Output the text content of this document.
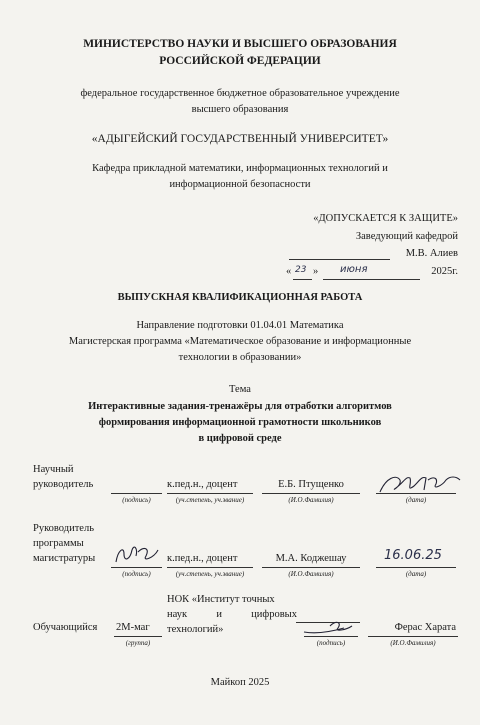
МИНИСТЕРСТВО НАУКИ И ВЫСШЕГО ОБРАЗОВАНИЯ
РОССИЙСКОЙ ФЕДЕРАЦИИ
федеральное государственное бюджетное образовательное учреждение
высшего образования
«АДЫГЕЙСКИЙ ГОСУДАРСТВЕННЫЙ УНИВЕРСИТЕТ»
Кафедра прикладной математики, информационных технологий и
информационной безопасности
«ДОПУСКАЕТСЯ К ЗАЩИТЕ»
Заведующий кафедрой
М.В. Алиев
« 23 » июня	2025г.
ВЫПУСКНАЯ КВАЛИФИКАЦИОННАЯ РАБОТА
Направление подготовки 01.04.01 Математика
Магистерская программа «Математическое образование и информационные
технологии в образовании»
Тема
Интерактивные задания-тренажёры для отработки алгоритмов
формирования информационной грамотности школьников
в цифровой среде
Научный
руководитель
(подпись)
к.пед.н., доцент
(уч.степень, уч.звание)
Е.Б. Птущенко
(И.О.Фамилия)	(дата)
Руководитель
программы
магистратуры
(подпись)
к.пед.н., доцент
(уч.степень, уч.звание)
М.А. Коджешау
(И.О.Фамилия)
16.06.25
(дата)
Обучающийся 2М-маг
(группа)
НОК «Институт точных
наук и цифровых
технологий»
(подпись)
Ферас Харата
(И.О.Фамилия)
Майкоп 2025
